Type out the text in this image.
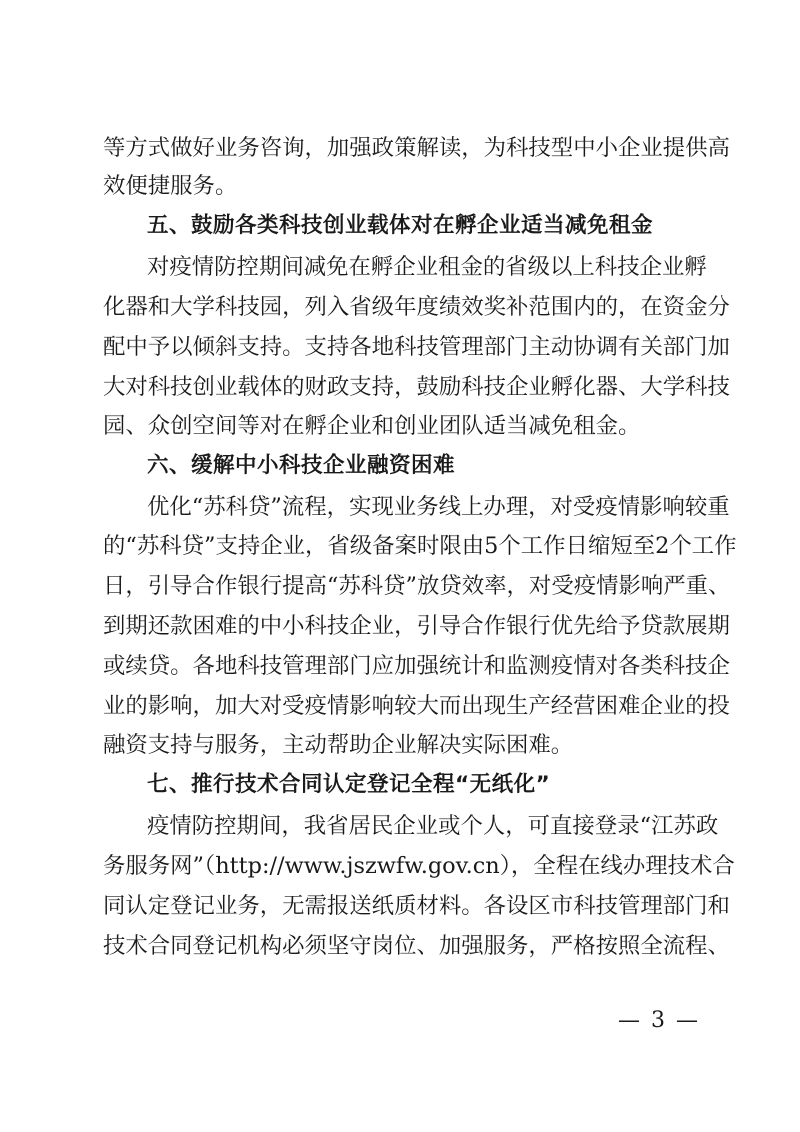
等方式做好业务咨询，加强政策解读，为科技型中小企业提供高
效便捷服务。
五、鼓励各类科技创业载体对在孵企业适当减免租金
对疫情防控期间减免在孵企业租金的省级以上科技企业孵
化器和大学科技园，列入省级年度绩效奖补范围内的，在资金分
配中予以倾斜支持。支持各地科技管理部门主动协调有关部门加
大对科技创业载体的财政支持，鼓励科技企业孵化器、大学科技
园、众创空间等对在孵企业和创业团队适当减免租金。
六、缓解中小科技企业融资困难
优化“苏科贷”流程，实现业务线上办理，对受疫情影响较重
的“苏科贷”支持企业，省级备案时限由5个工作日缩短至2个工作
日，引导合作银行提高“苏科贷”放贷效率，对受疫情影响严重、
到期还款困难的中小科技企业，引导合作银行优先给予贷款展期
或续贷。各地科技管理部门应加强统计和监测疫情对各类科技企
业的影响，加大对受疫情影响较大而出现生产经营困难企业的投
融资支持与服务，主动帮助企业解决实际困难。
七、推行技术合同认定登记全程“无纸化”
疫情防控期间，我省居民企业或个人，可直接登录“江苏政
务服务网”（http://www.jszwfw.gov.cn），全程在线办理技术合
同认定登记业务，无需报送纸质材料。各设区市科技管理部门和
技术合同登记机构必须坚守岗位、加强服务，严格按照全流程、
— 3 —
